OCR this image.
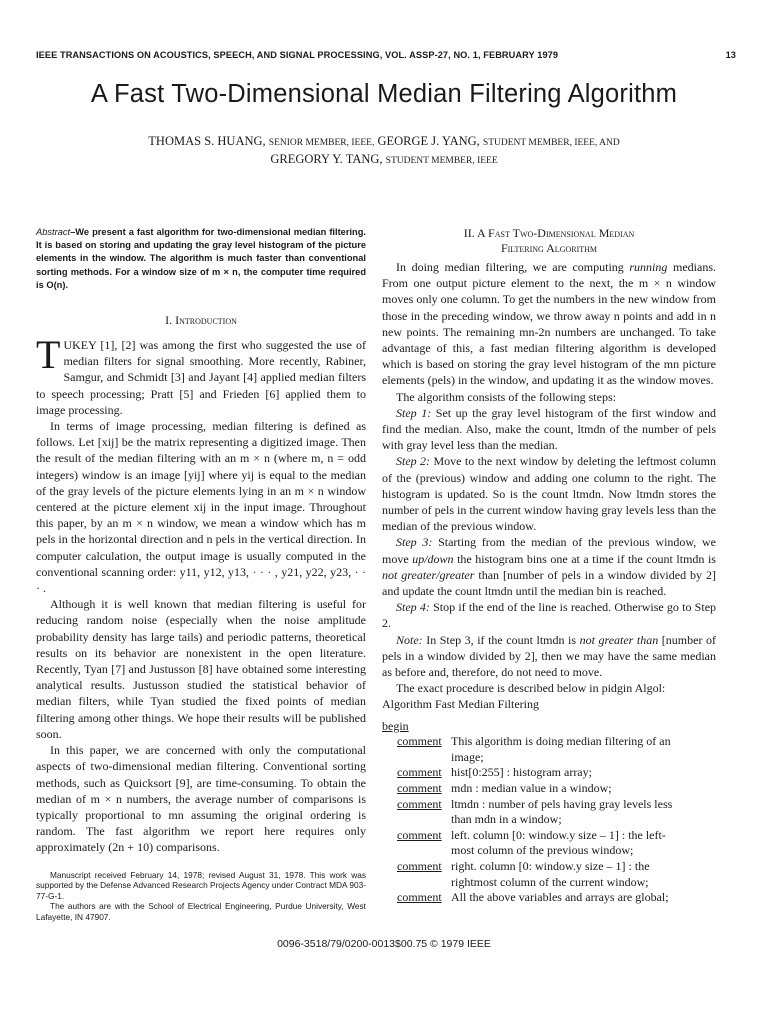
IEEE TRANSACTIONS ON ACOUSTICS, SPEECH, AND SIGNAL PROCESSING, VOL. ASSP-27, NO. 1, FEBRUARY 1979	13
A Fast Two-Dimensional Median Filtering Algorithm
THOMAS S. HUANG, SENIOR MEMBER, IEEE, GEORGE J. YANG, STUDENT MEMBER, IEEE, AND
GREGORY Y. TANG, STUDENT MEMBER, IEEE

Abstract–We present a fast algorithm for two-dimensional median filtering. It is based on storing and updating the gray level histogram of the picture elements in the window. The algorithm is much faster than conventional sorting methods. For a window size of m × n, the computer time required is O(n).

I. Introduction

TUKEY [1], [2] was among the first who suggested the use of median filters for signal smoothing. More recently, Rabiner, Samgur, and Schmidt [3] and Jayant [4] applied median filters to speech processing; Pratt [5] and Frieden [6] applied them to image processing.

In terms of image processing, median filtering is defined as follows. Let [xij] be the matrix representing a digitized image. Then the result of the median filtering with an m × n (where m, n = odd integers) window is an image [yij] where yij is equal to the median of the gray levels of the picture elements lying in an m × n window centered at the picture element xij in the input image. Throughout this paper, by an m × n window, we mean a window which has m pels in the horizontal direction and n pels in the vertical direction. In computer calculation, the output image is usually computed in the conventional scanning order: y11, y12, y13, · · · , y21, y22, y23, · · · .

Although it is well known that median filtering is useful for reducing random noise (especially when the noise amplitude probability density has large tails) and periodic patterns, theoretical results on its behavior are nonexistent in the open literature. Recently, Tyan [7] and Justusson [8] have obtained some interesting analytical results. Justusson studied the statistical behavior of median filters, while Tyan studied the fixed points of median filtering among other things. We hope their results will be published soon.

In this paper, we are concerned with only the computational aspects of two-dimensional median filtering. Conventional sorting methods, such as Quicksort [9], are time-consuming. To obtain the median of m × n numbers, the average number of comparisons is typically proportional to mn assuming the original ordering is random. The fast algorithm we report here requires only approximately (2n + 10) comparisons.

Manuscript received February 14, 1978; revised August 31, 1978. This work was supported by the Defense Advanced Research Projects Agency under Contract MDA 903-77-G-1.

The authors are with the School of Electrical Engineering, Purdue University, West Lafayette, IN 47907.

II. A Fast Two-Dimensional Median
Filtering Algorithm

In doing median filtering, we are computing running medians. From one output picture element to the next, the m × n window moves only one column. To get the numbers in the new window from those in the preceding window, we throw away n points and add in n new points. The remaining mn-2n numbers are unchanged. To take advantage of this, a fast median filtering algorithm is developed which is based on storing the gray level histogram of the mn picture elements (pels) in the window, and updating it as the window moves.

The algorithm consists of the following steps:

Step 1: Set up the gray level histogram of the first window and find the median. Also, make the count, ltmdn of the number of pels with gray level less than the median.

Step 2: Move to the next window by deleting the leftmost column of the (previous) window and adding one column to the right. The histogram is updated. So is the count ltmdn. Now ltmdn stores the number of pels in the current window having gray levels less than the median of the previous window.

Step 3: Starting from the median of the previous window, we move up/down the histogram bins one at a time if the count ltmdn is not greater/greater than [number of pels in a window divided by 2] and update the count ltmdn until the median bin is reached.

Step 4: Stop if the end of the line is reached. Otherwise go to Step 2.

Note: In Step 3, if the count ltmdn is not greater than [number of pels in a window divided by 2], then we may have the same median as before and, therefore, do not need to move.

The exact procedure is described below in pidgin Algol:

Algorithm Fast Median Filtering

begin
comment This algorithm is doing median filtering of an
image;
comment hist[0:255] : histogram array;
comment mdn : median value in a window;
comment ltmdn : number of pels having gray levels less
than mdn in a window;
comment left. column [0: window.y size – 1] : the left-
most column of the previous window;
comment right. column [0: window.y size – 1] : the
rightmost column of the current window;
comment All the above variables and arrays are global;
0096-3518/79/0200-0013$00.75 © 1979 IEEE
